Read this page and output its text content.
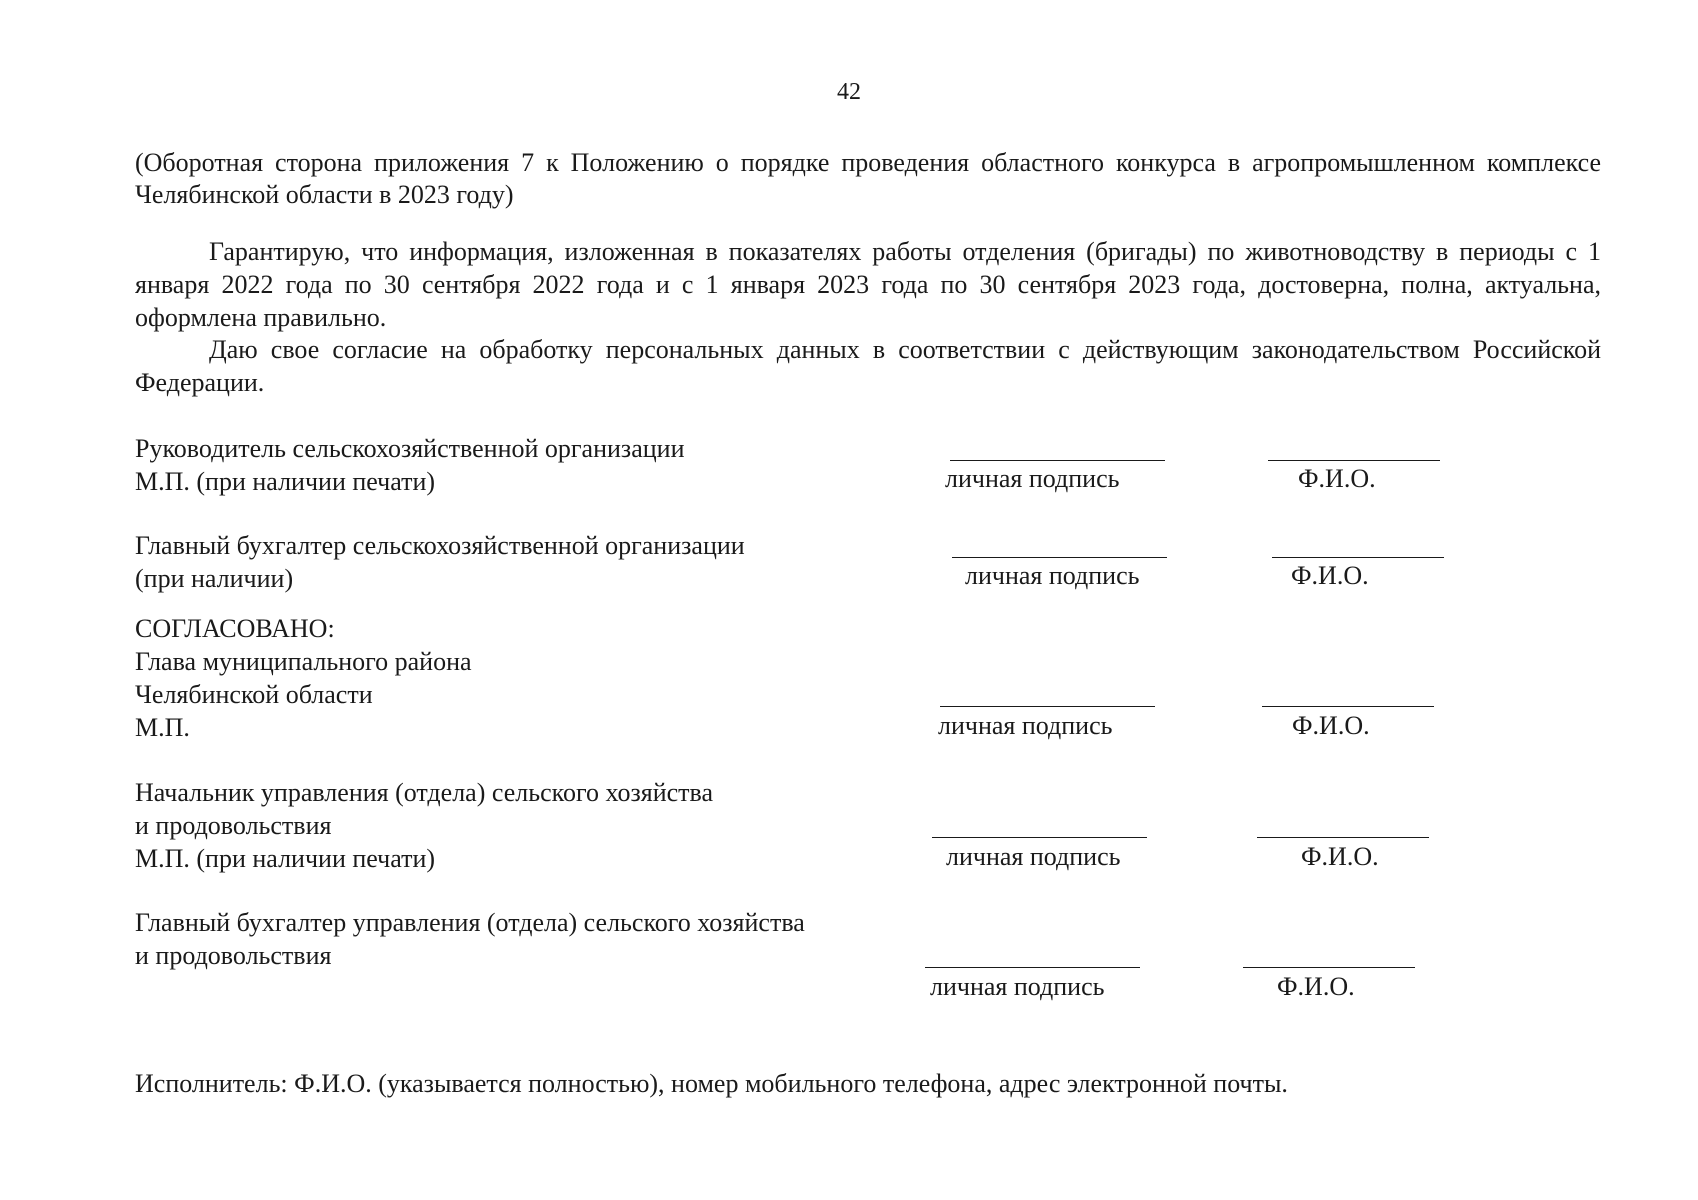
42
(Оборотная сторона приложения 7 к Положению о порядке проведения областного конкурса в агропромышленном комплексе Челябинской области в 2023 году)
Гарантирую, что информация, изложенная в показателях работы отделения (бригады) по животноводству в периоды с 1 января 2022 года по 30 сентября 2022 года и с 1 января 2023 года по 30 сентября 2023 года, достоверна, полна, актуальна, оформлена правильно.
Даю свое согласие на обработку персональных данных в соответствии с действующим законодательством Российской Федерации.
Руководитель сельскохозяйственной организации
М.П. (при наличии печати)	личная подпись	Ф.И.О.
Главный бухгалтер сельскохозяйственной организации
(при наличии)	личная подпись	Ф.И.О.
СОГЛАСОВАНО:
Глава муниципального района
Челябинской области
М.П.	личная подпись	Ф.И.О.
Начальник управления (отдела) сельского хозяйства
и продовольствия
М.П. (при наличии печати)	личная подпись	Ф.И.О.
Главный бухгалтер управления (отдела) сельского хозяйства
и продовольствия
личная подпись	Ф.И.О.
Исполнитель: Ф.И.О. (указывается полностью), номер мобильного телефона, адрес электронной почты.
